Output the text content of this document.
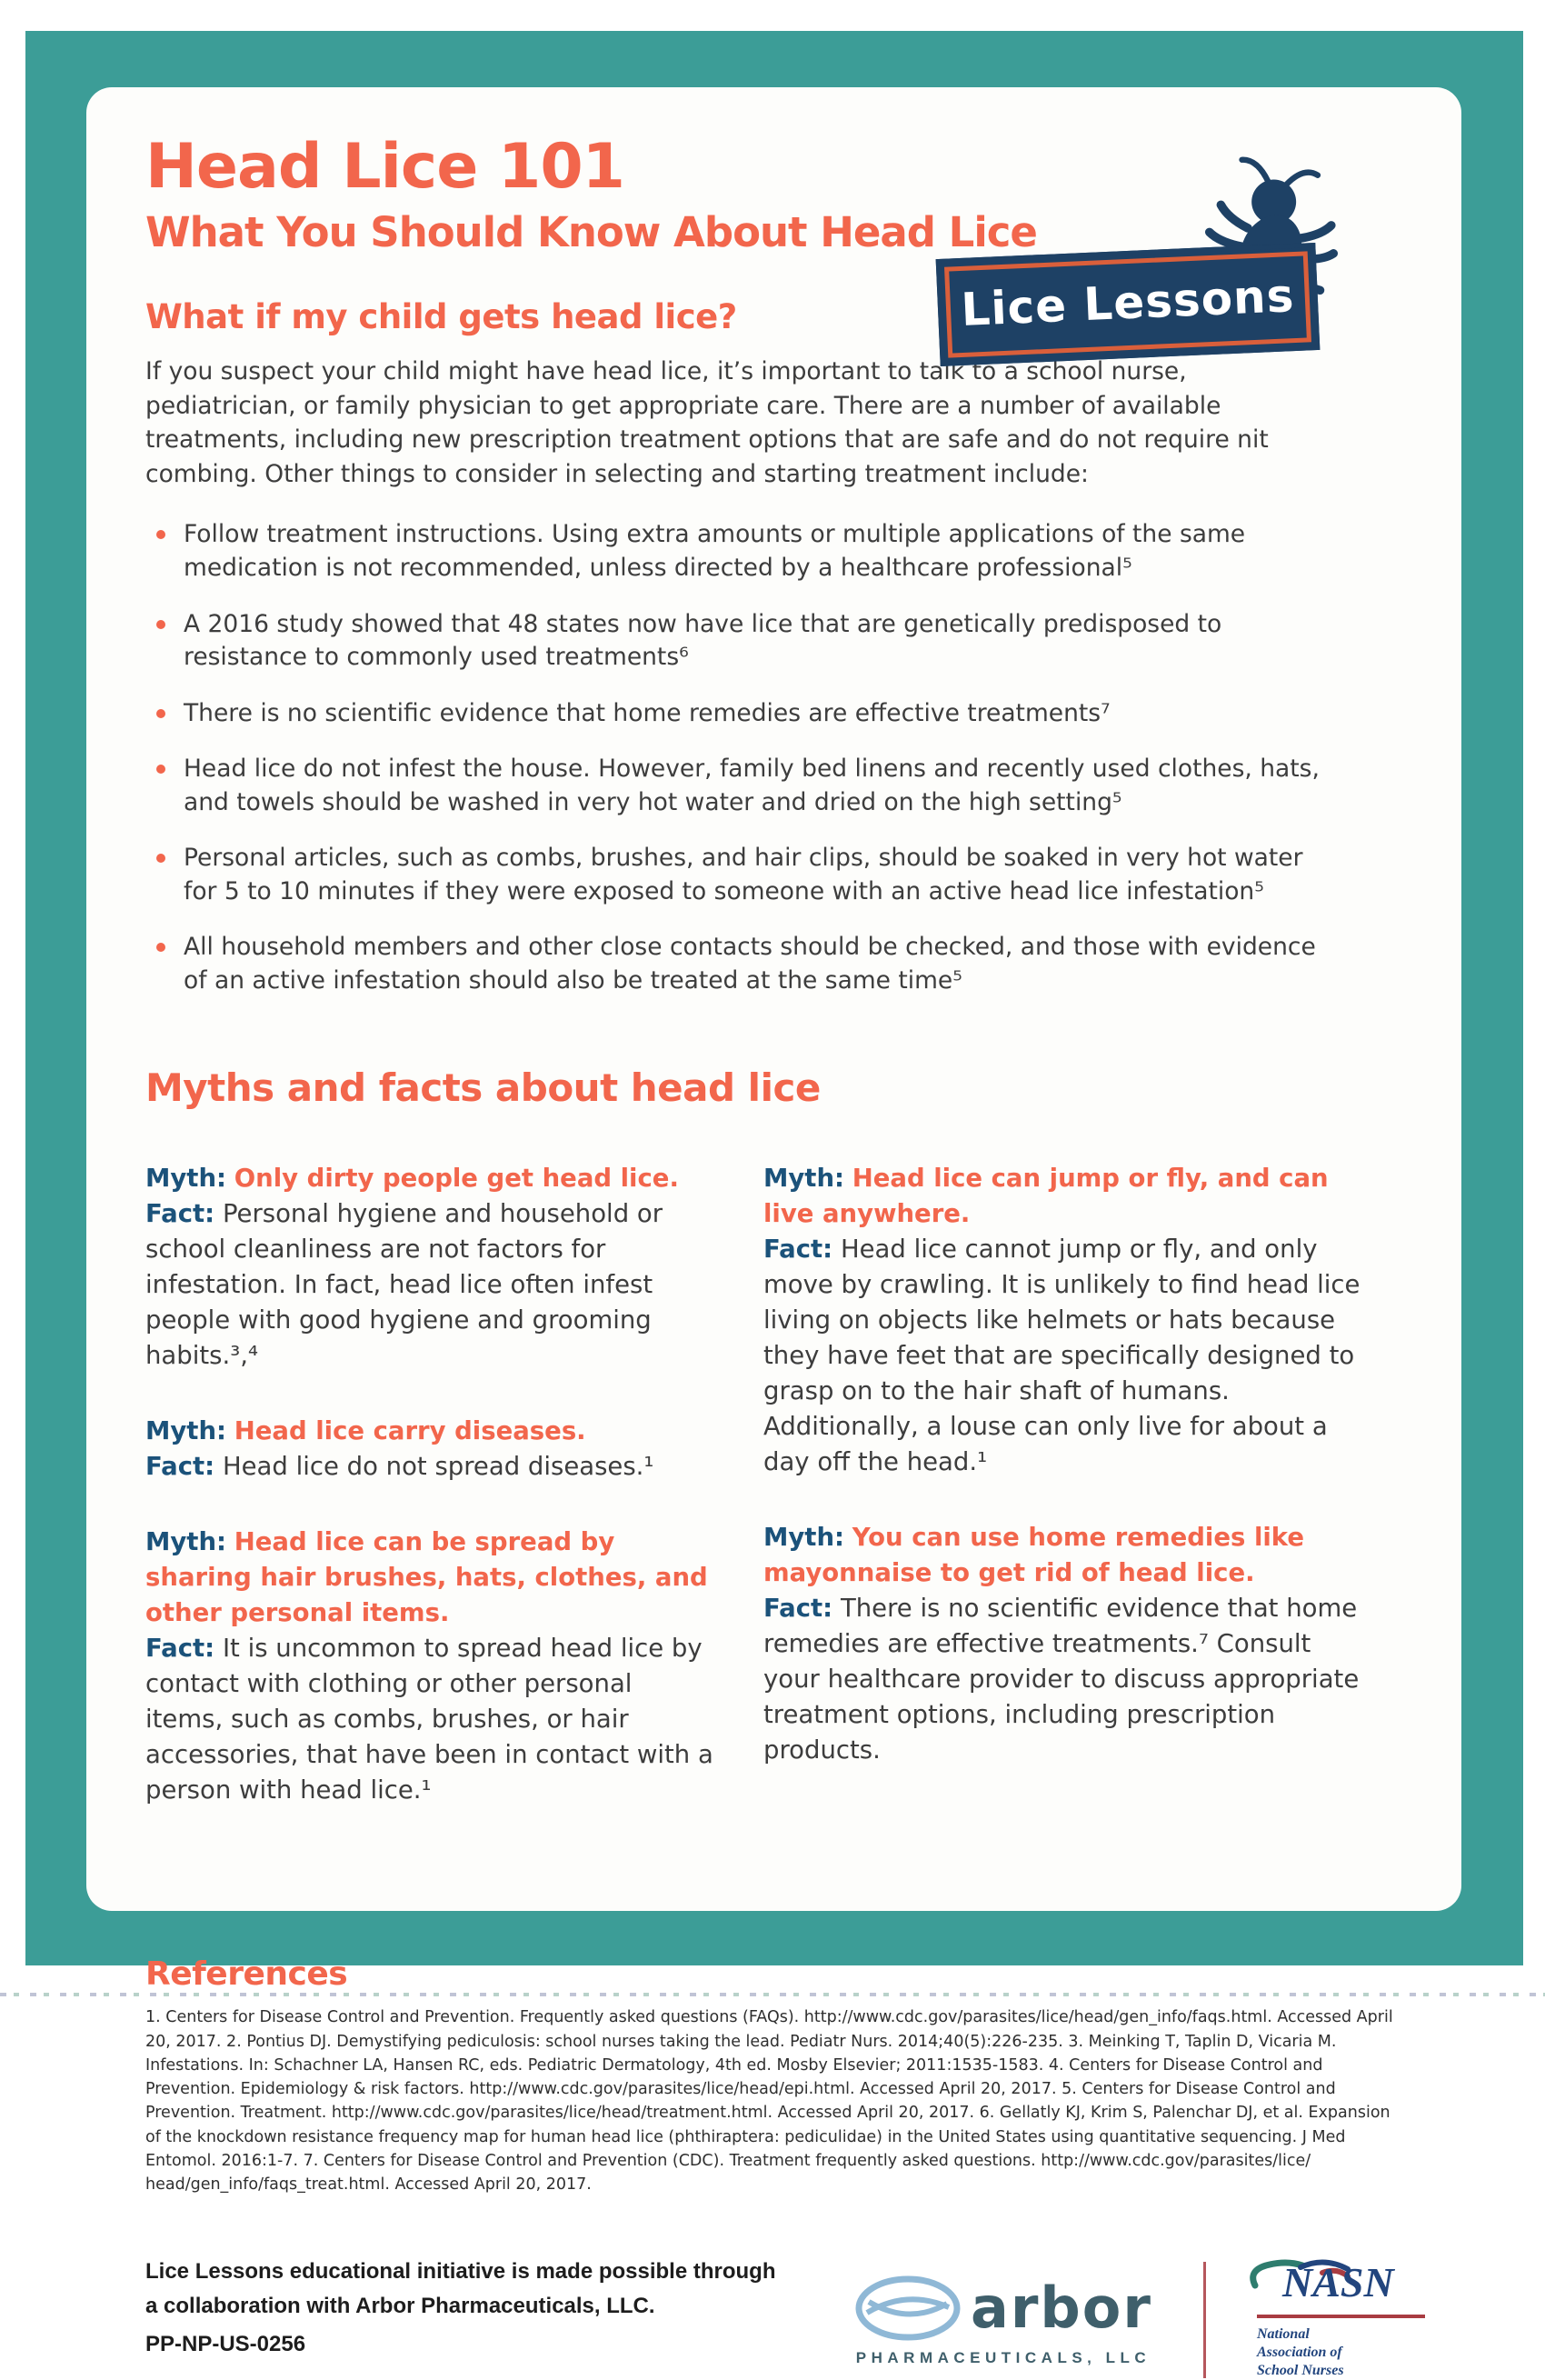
Head Lice 101
What You Should Know About Head Lice
Lice Lessons
What if my child gets head lice?

If you suspect your child might have head lice, it’s important to talk to a school nurse, pediatrician, or family physician to get appropriate care. There are a number of available treatments, including new prescription treatment options that are safe and do not require nit combing. Other things to consider in selecting and starting treatment include:

Follow treatment instructions. Using extra amounts or multiple applications of the same medication is not recommended, unless directed by a healthcare professional⁵
A 2016 study showed that 48 states now have lice that are genetically predisposed to resistance to commonly used treatments⁶
There is no scientific evidence that home remedies are effective treatments⁷
Head lice do not infest the house. However, family bed linens and recently used clothes, hats, and towels should be washed in very hot water and dried on the high setting⁵
Personal articles, such as combs, brushes, and hair clips, should be soaked in very hot water for 5 to 10 minutes if they were exposed to someone with an active head lice infestation⁵
All household members and other close contacts should be checked, and those with evidence of an active infestation should also be treated at the same time⁵
Myths and facts about head lice

Myth: Only dirty people get head lice.

Fact: Personal hygiene and household or school cleanliness are not factors for infestation. In fact, head lice often infest people with good hygiene and grooming habits.³,⁴

Myth: Head lice carry diseases.

Fact: Head lice do not spread diseases.¹

Myth: Head lice can be spread by sharing hair brushes, hats, clothes, and other personal items.

Fact: It is uncommon to spread head lice by contact with clothing or other personal items, such as combs, brushes, or hair accessories, that have been in contact with a person with head lice.¹

Myth: Head lice can jump or fly, and can live anywhere.

Fact: Head lice cannot jump or fly, and only move by crawling. It is unlikely to find head lice living on objects like helmets or hats because they have feet that are specifically designed to grasp on to the hair shaft of humans. Additionally, a louse can only live for about a day off the head.¹

Myth: You can use home remedies like mayonnaise to get rid of head lice.

Fact: There is no scientific evidence that home remedies are effective treatments.⁷ Consult your healthcare provider to discuss appropriate treatment options, including prescription products.

References

1. Centers for Disease Control and Prevention. Frequently asked questions (FAQs). http://www.cdc.gov/parasites/lice/head/gen_info/faqs.html. Accessed April 20, 2017. 2. Pontius DJ. Demystifying pediculosis: school nurses taking the lead. Pediatr Nurs. 2014;40(5):226-235. 3. Meinking T, Taplin D, Vicaria M. Infestations. In: Schachner LA, Hansen RC, eds. Pediatric Dermatology, 4th ed. Mosby Elsevier; 2011:1535-1583. 4. Centers for Disease Control and Prevention. Epidemiology & risk factors. http://www.cdc.gov/parasites/lice/head/epi.html. Accessed April 20, 2017. 5. Centers for Disease Control and Prevention. Treatment. http://www.cdc.gov/parasites/lice/head/treatment.html. Accessed April 20, 2017. 6. Gellatly KJ, Krim S, Palenchar DJ, et al. Expansion of the knockdown resistance frequency map for human head lice (phthiraptera: pediculidae) in the United States using quantitative sequencing. J Med Entomol. 2016:1-7. 7. Centers for Disease Control and Prevention (CDC). Treatment frequently asked questions. http://www.cdc.gov/parasites/lice/ head/gen_info/faqs_treat.html. Accessed April 20, 2017.

Lice Lessons educational initiative is made possible through
a collaboration with Arbor Pharmaceuticals, LLC.
PP-NP-US-0256
arbor
PHARMACEUTICALS, LLC
NASN
National
Association of
School Nurses
